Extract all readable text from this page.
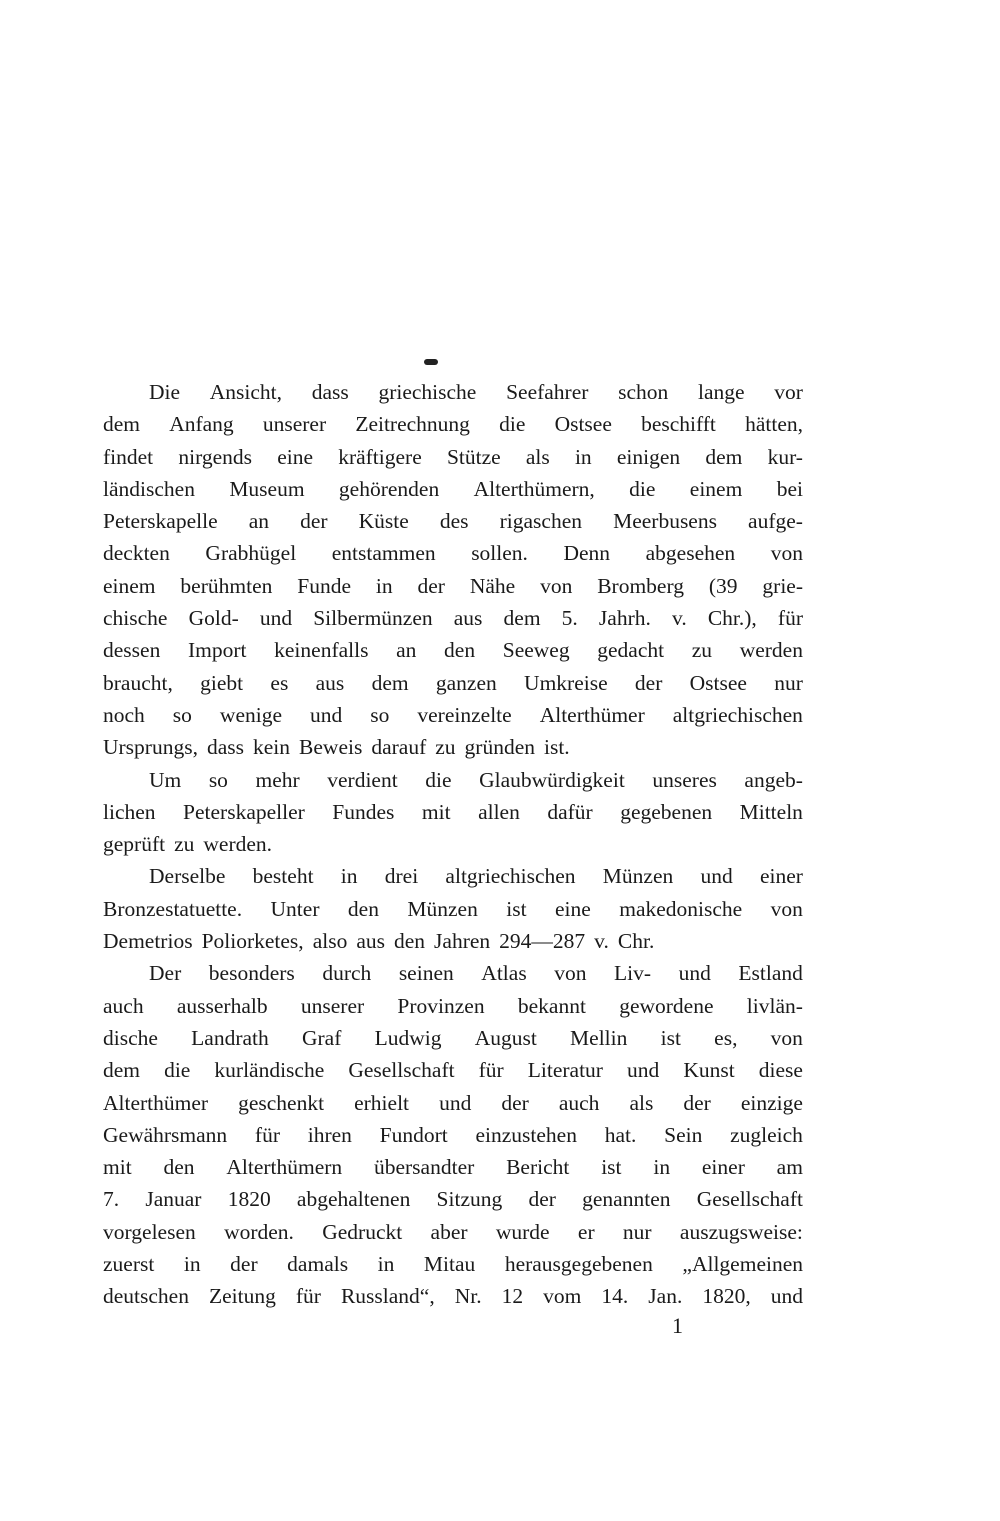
Die Ansicht, dass griechische Seefahrer schon lange vor
dem Anfang unserer Zeitrechnung die Ostsee beschifft hätten,
findet nirgends eine kräftigere Stütze als in einigen dem kur-
ländischen Museum gehörenden Alterthümern, die einem bei
Peterskapelle an der Küste des rigaschen Meerbusens aufge-
deckten Grabhügel entstammen sollen. Denn abgesehen von
einem berühmten Funde in der Nähe von Bromberg (39 grie-
chische Gold- und Silbermünzen aus dem 5. Jahrh. v. Chr.), für
dessen Import keinenfalls an den Seeweg gedacht zu werden
braucht, giebt es aus dem ganzen Umkreise der Ostsee nur
noch so wenige und so vereinzelte Alterthümer altgriechischen
Ursprungs, dass kein Beweis darauf zu gründen ist.
Um so mehr verdient die Glaubwürdigkeit unseres angeb-
lichen Peterskapeller Fundes mit allen dafür gegebenen Mitteln
geprüft zu werden.
Derselbe besteht in drei altgriechischen Münzen und einer
Bronzestatuette. Unter den Münzen ist eine makedonische von
Demetrios Poliorketes, also aus den Jahren 294—287 v. Chr.
Der besonders durch seinen Atlas von Liv- und Estland
auch ausserhalb unserer Provinzen bekannt gewordene livlän-
dische Landrath Graf Ludwig August Mellin ist es, von
dem die kurländische Gesellschaft für Literatur und Kunst diese
Alterthümer geschenkt erhielt und der auch als der einzige
Gewährsmann für ihren Fundort einzustehen hat. Sein zugleich
mit den Alterthümern übersandter Bericht ist in einer am
7. Januar 1820 abgehaltenen Sitzung der genannten Gesellschaft
vorgelesen worden. Gedruckt aber wurde er nur auszugsweise:
zuerst in der damals in Mitau herausgegebenen „Allgemeinen
deutschen Zeitung für Russland“, Nr. 12 vom 14. Jan. 1820, und
1
